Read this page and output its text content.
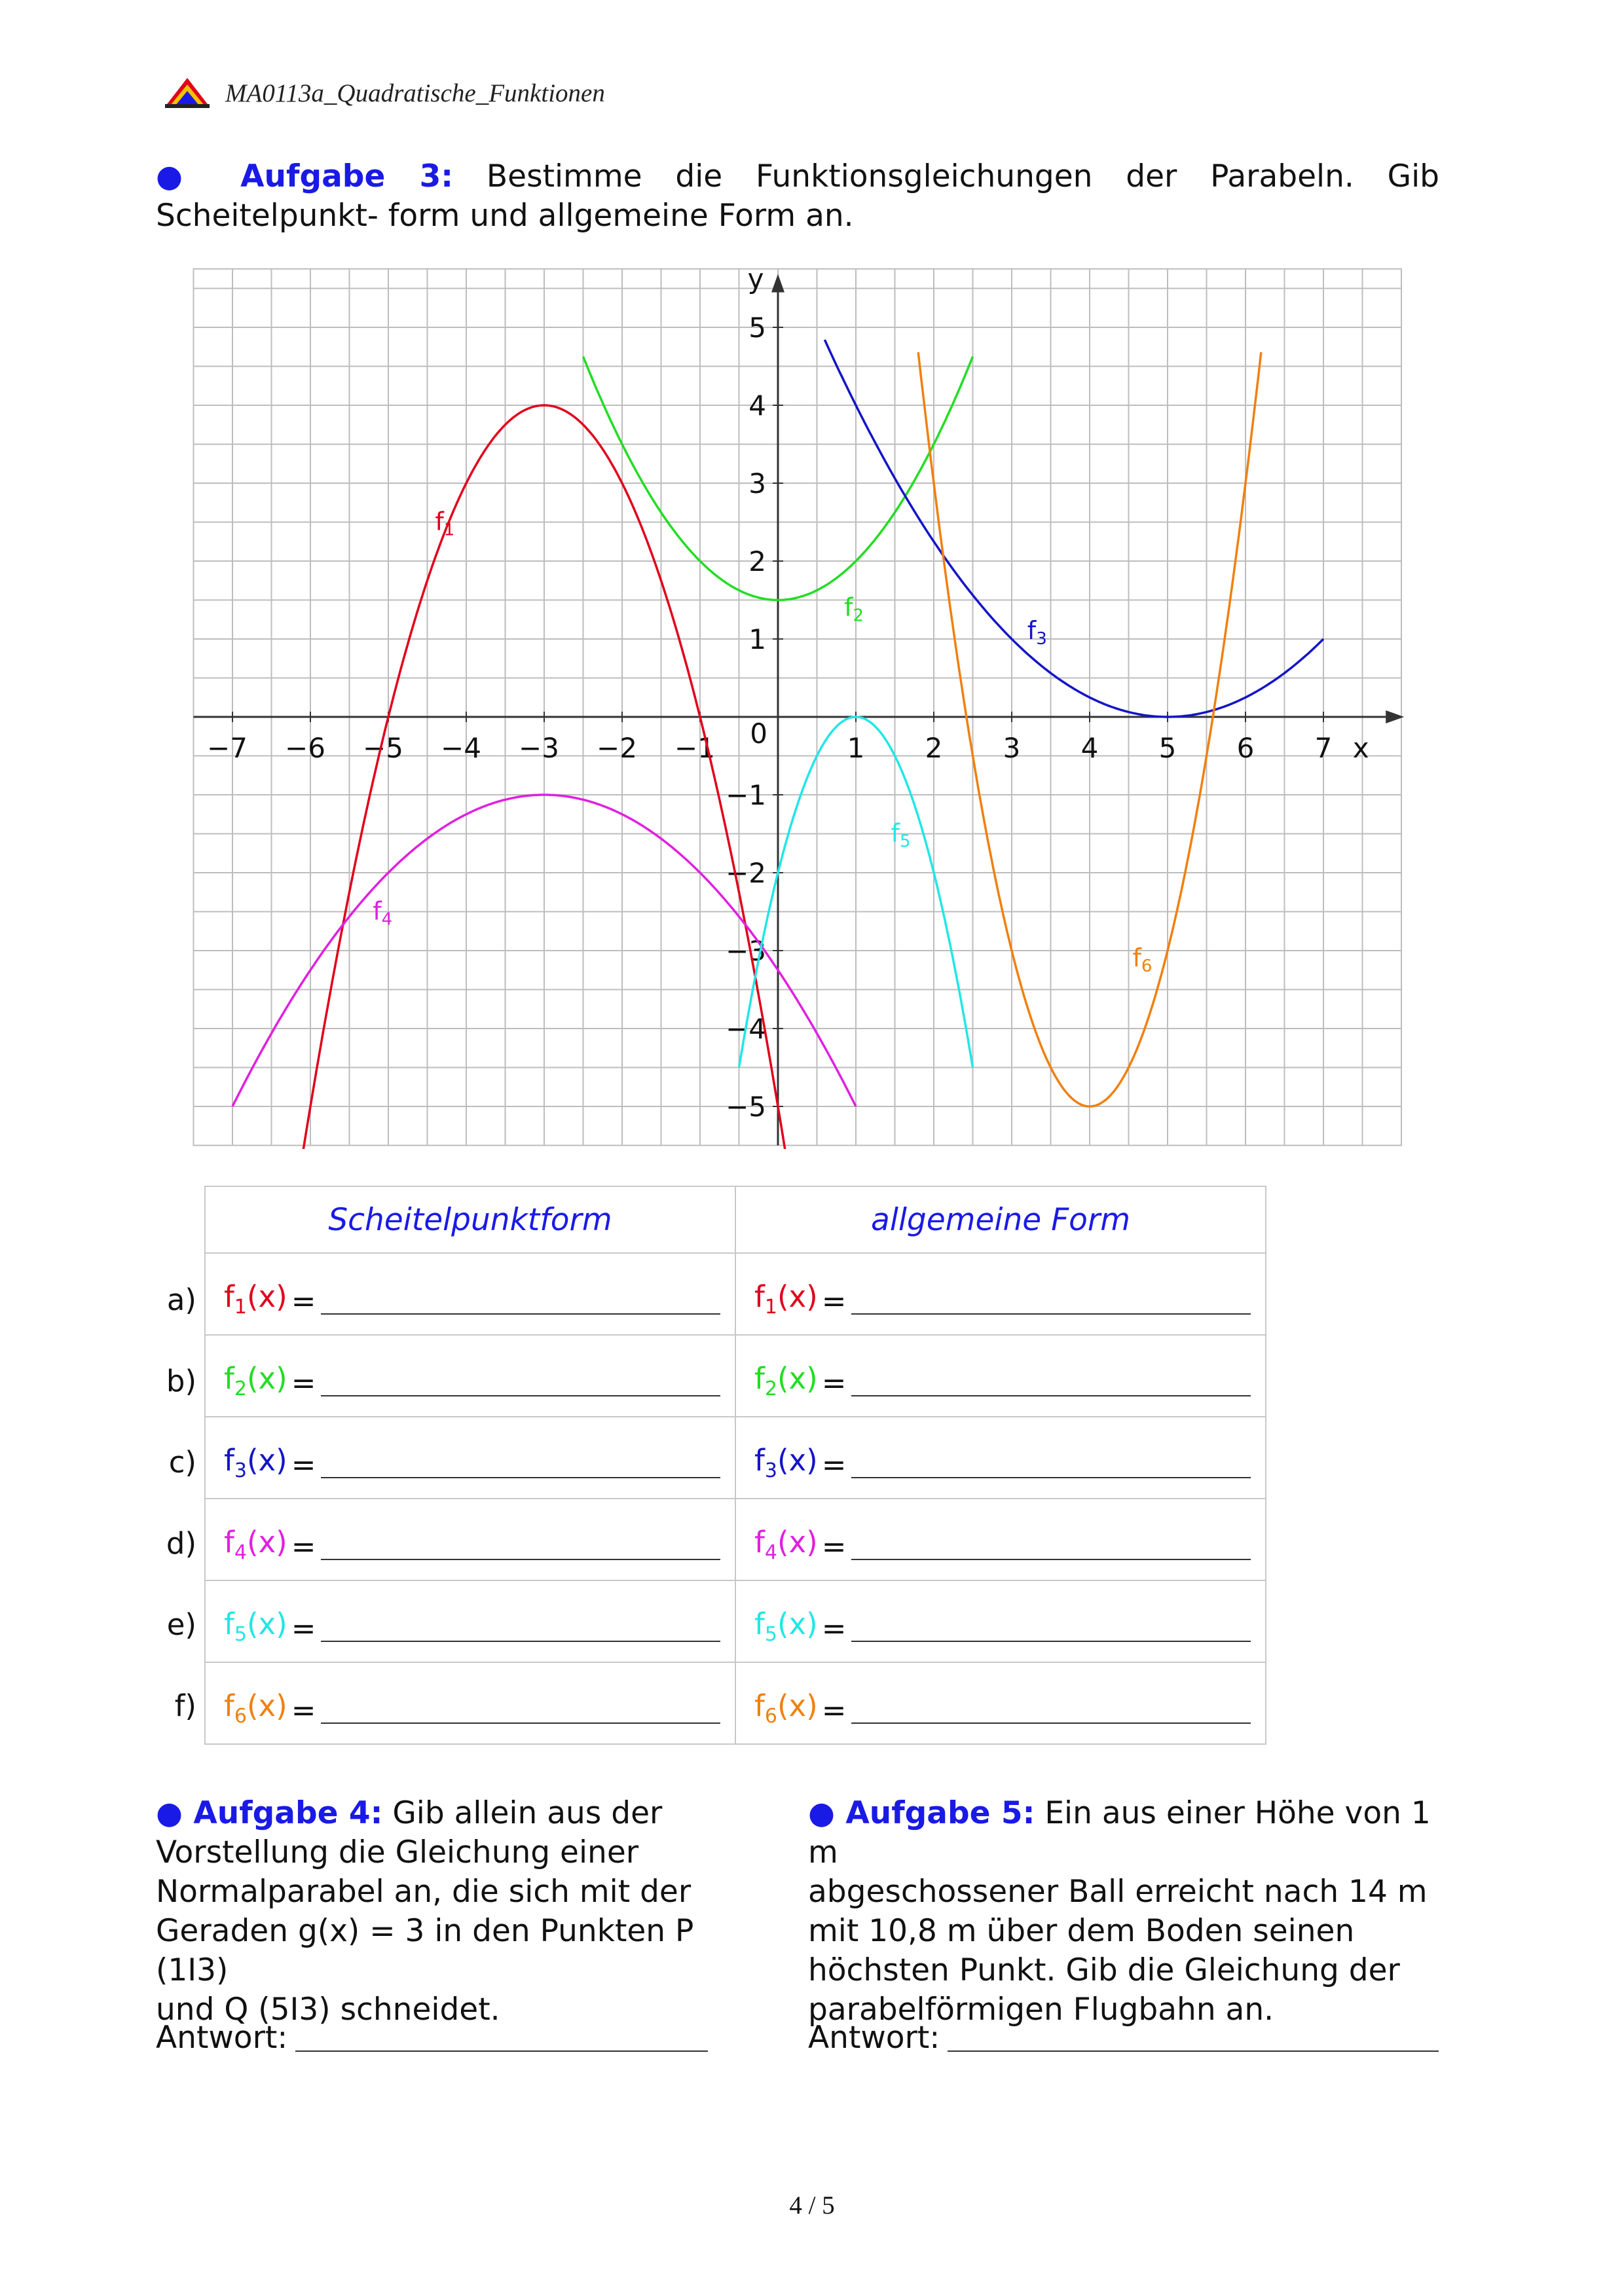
MA0113a_Quadratische_Funktionen
● Aufgabe 3: Bestimme die Funktionsgleichungen der Parabeln. Gib Scheitelpunkt- form und allgemeine Form an.
−7 −6 −5 −4 −3 −2 −1	1 2 3 4 5 6 7
−5
−4
−3
−2
−1
1
2
3
4
5
0	x
y
$f_1$
$f_2$
$f_3$
$f_4$
$f_5$
$f_6$
Scheitelpunktform	allgemeine Form

$f_1(x)$ =	$f_1(x)$ =

$f_2(x)$ =	$f_2(x)$ =

$f_3(x)$ =	$f_3(x)$ =

$f_4(x)$ =	$f_4(x)$ =

$f_5(x)$ =	$f_5(x)$ =

$f_6(x)$ =	$f_6(x)$ =
a)
b)
c)
d)
e)
f)
● Aufgabe 4: Gib allein aus der
Vorstellung die Gleichung einer
Normalparabel an, die sich mit der
Geraden g(x) = 3 in den Punkten P (1I3)
und Q (5I3) schneidet.
● Aufgabe 5: Ein aus einer Höhe von 1 m
abgeschossener Ball erreicht nach 14 m
mit 10,8 m über dem Boden seinen
höchsten Punkt. Gib die Gleichung der
parabelförmigen Flugbahn an.
Antwort:	Antwort:
4 / 5
